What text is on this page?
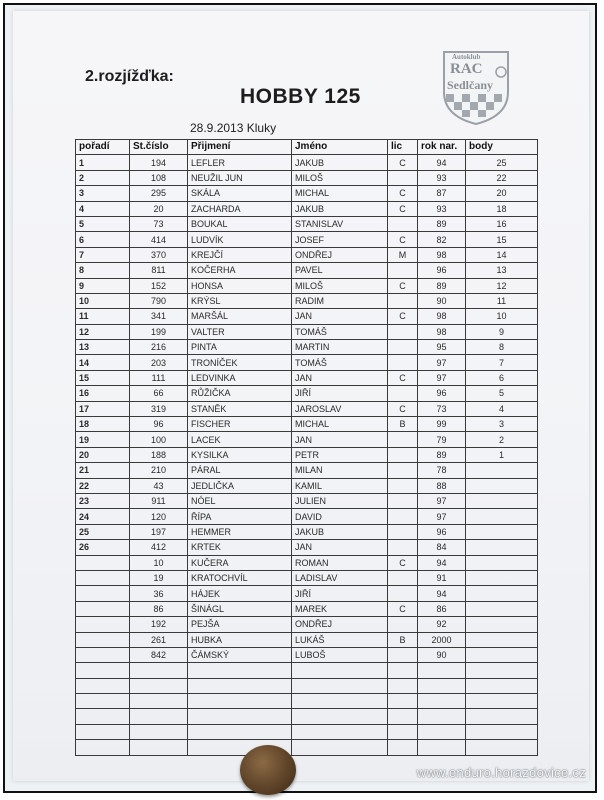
2.rozjížďka:
HOBBY 125
28.9.2013 Kluky
Autoklub
RAC
Sedlčany
pořadí	St.číslo	Přijmení	Jméno	lic	rok nar.	body
1	194	LEFLER	JAKUB	C	94	25
2	108	NEUŽIL JUN	MILOŠ		93	22
3	295	SKÁLA	MICHAL	C	87	20
4	20	ZACHARDA	JAKUB	C	93	18
5	73	BOUKAL	STANISLAV		89	16
6	414	LUDVÍK	JOSEF	C	82	15
7	370	KREJČÍ	ONDŘEJ	M	98	14
8	811	KOČERHA	PAVEL		96	13
9	152	HONSA	MILOŠ	C	89	12
10	790	KRÝSL	RADIM		90	11
11	341	MARŠÁL	JAN	C	98	10
12	199	VALTER	TOMÁŠ		98	9
13	216	PINTA	MARTIN		95	8
14	203	TRONÍČEK	TOMÁŠ		97	7
15	111	LEDVINKA	JAN	C	97	6
16	66	RŮŽIČKA	JIŘÍ		96	5
17	319	STANĚK	JAROSLAV	C	73	4
18	96	FISCHER	MICHAL	B	99	3
19	100	LACEK	JAN		79	2
20	188	KYSILKA	PETR		89	1
21	210	PÁRAL	MILAN		78	
22	43	JEDLIČKA	KAMIL		88	
23	911	NÓEL	JULIEN		97	
24	120	ŘÍPA	DAVID		97	
25	197	HEMMER	JAKUB		96	
26	412	KRTEK	JAN		84	
	10	KUČERA	ROMAN	C	94	
	19	KRATOCHVÍL	LADISLAV		91	
	36	HÁJEK	JIŘÍ		94	
	86	ŠINÁGL	MAREK	C	86	
	192	PEJŠA	ONDŘEJ		92	
	261	HUBKA	LUKÁŠ	B	2000	
	842	ČÁMSKÝ	LUBOŠ		90	

www.enduro.horazdovice.cz
